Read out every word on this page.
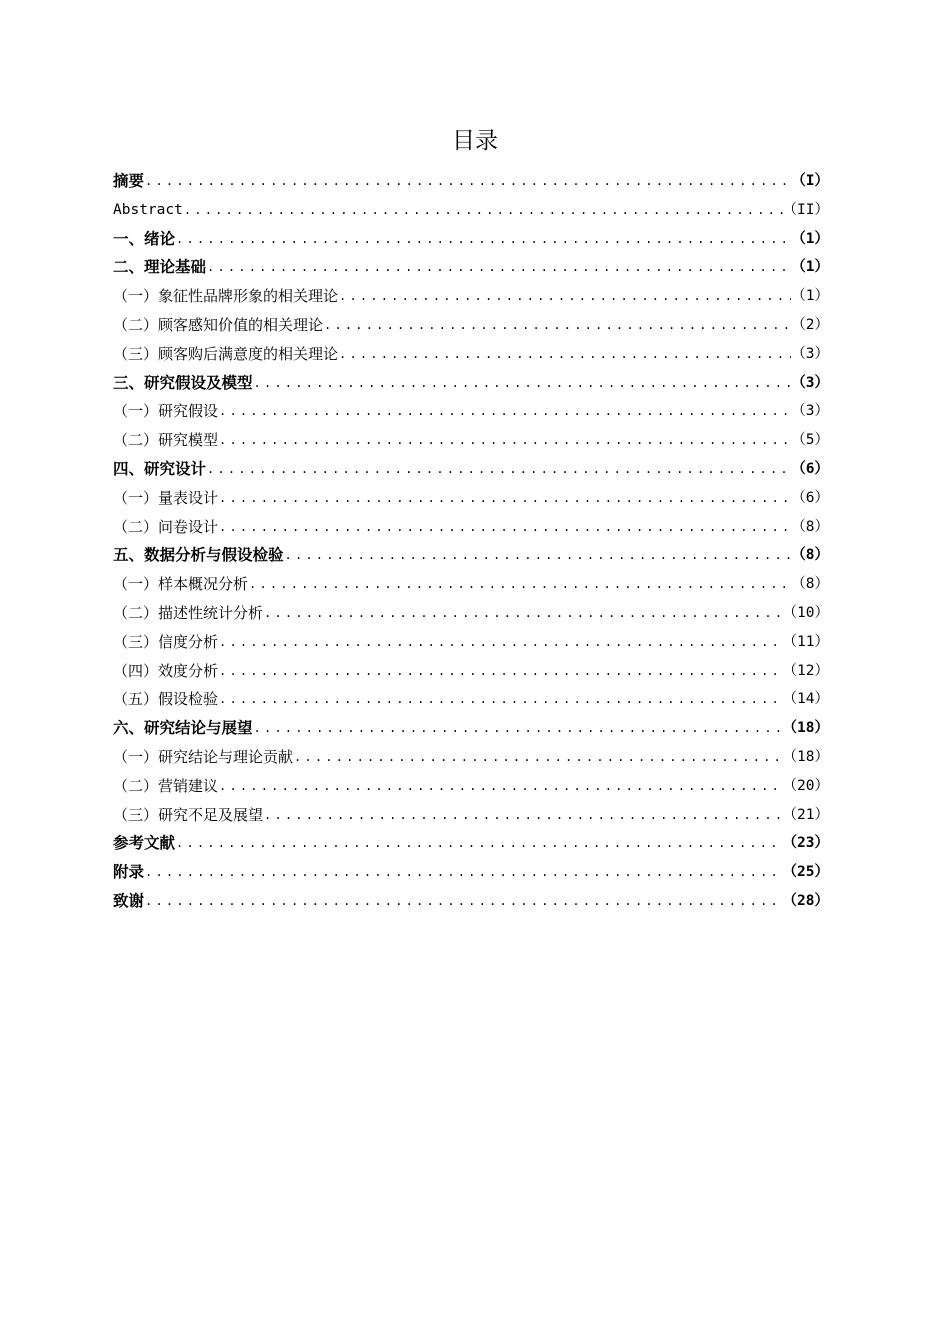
目录
摘要 .....	（I）
Abstract .....	（II）
一、绪论 .....	（1）
二、理论基础 .....	（1）
（一）象征性品牌形象的相关理论 .....	（1）
（二）顾客感知价值的相关理论 .....	（2）
（三）顾客购后满意度的相关理论 .....	（3）
三、研究假设及模型 .....	（3）
（一）研究假设 .....	（3）
（二）研究模型 .....	（5）
四、研究设计 .....	（6）
（一）量表设计 .....	（6）
（二）问卷设计 .....	（8）
五、数据分析与假设检验 .....	（8）
（一）样本概况分析 .....	（8）
（二）描述性统计分析 .....	（10）
（三）信度分析 .....	（11）
（四）效度分析 .....	（12）
（五）假设检验 .....	（14）
六、研究结论与展望 .....	（18）
（一）研究结论与理论贡献 .....	（18）
（二）营销建议 .....	（20）
（三）研究不足及展望 .....	（21）
参考文献 .....	（23）
附录 .....	（25）
致谢 .....	（28）
